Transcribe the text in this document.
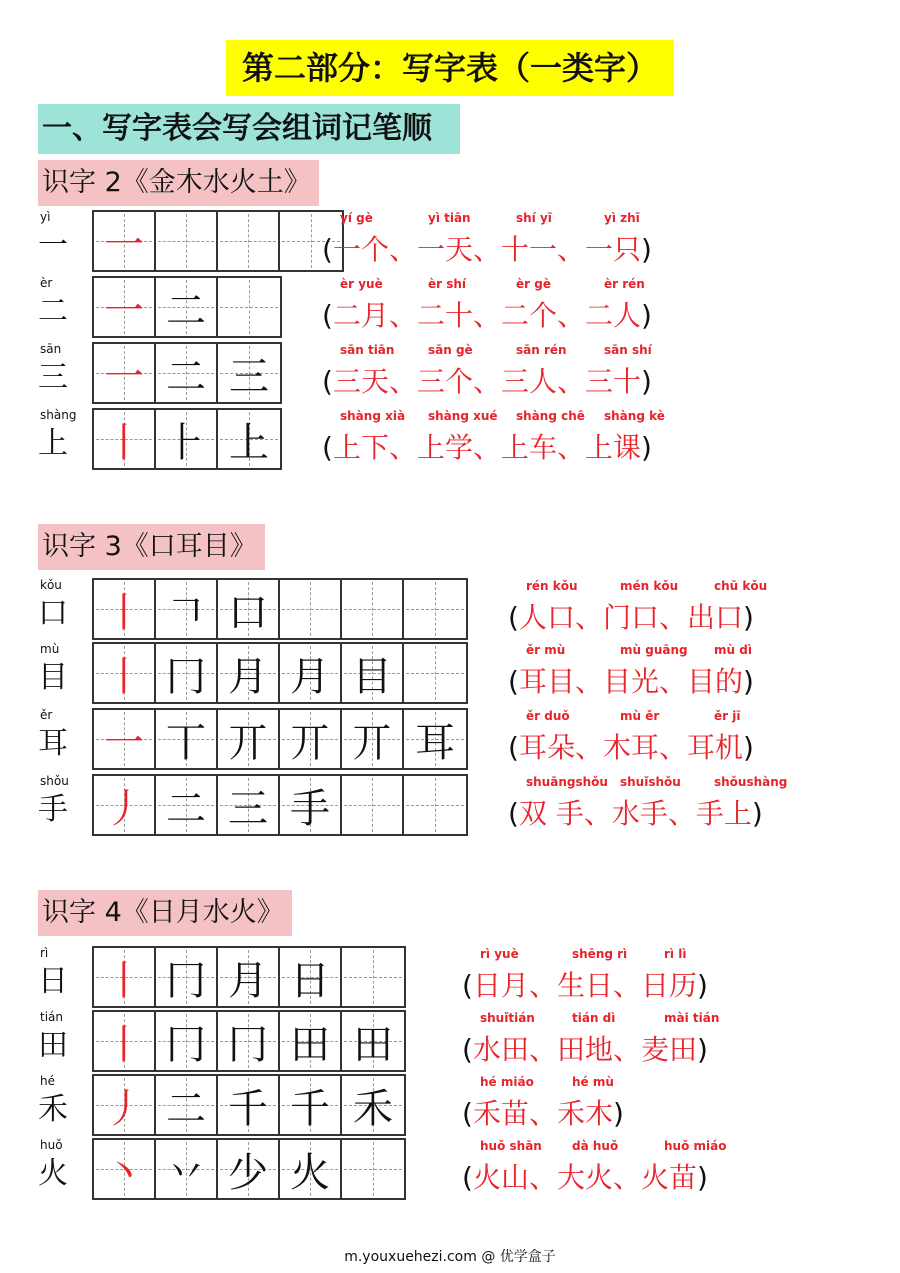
第二部分：写字表（一类字）
一、写字表会写会组词记笔顺
识字 2《金木水火土》
识字 3《口耳目》
识字 4《日月水火》
yì
一 一
yí gè	yì tiān	shí yī	yì zhī
(一个、一天、十一、一只)
èr
二 一 二
èr yuè	èr shí	èr gè	èr rén
(二月、二十、二个、二人)
sān
三 一 二 三
sān tiān	sān gè	sān rén	sān shí
(三天、三个、三人、三十)
shàng
上 丨 ⺊ 上
shàng xià	shàng xué	shàng chē	shàng kè
(上下、上学、上车、上课)
kǒu
口 丨 𠃍 口
rén kǒu	mén kǒu	chū kǒu
(人口、门口、出口)
mù
目 丨 冂 月 月 目
ěr mù	mù guāng	mù dì
(耳目、目光、目的)
ěr
耳 一 丅 丌 丌 丌 耳
ěr duǒ	mù ěr	ěr jī
(耳朵、木耳、耳机)
shǒu
手 丿 二 三 手
shuāngshǒu	shuǐshǒu	shǒushàng
(双 手、水手、手上)
rì
日 丨 冂 月 日
rì yuè	shēng rì	rì lì
(日月、生日、日历)
tián
田 丨 冂 冂 田 田
shuǐtián	tián dì	mài tián
(水田、田地、麦田)
hé
禾 丿 二 千 千 禾
hé miáo	hé mù
(禾苗、禾木)
huǒ
火 丶 丷 少 火
huǒ shān	dà huǒ	huǒ miáo
(火山、大火、火苗)
m.youxuehezi.com @ 优学盒子
